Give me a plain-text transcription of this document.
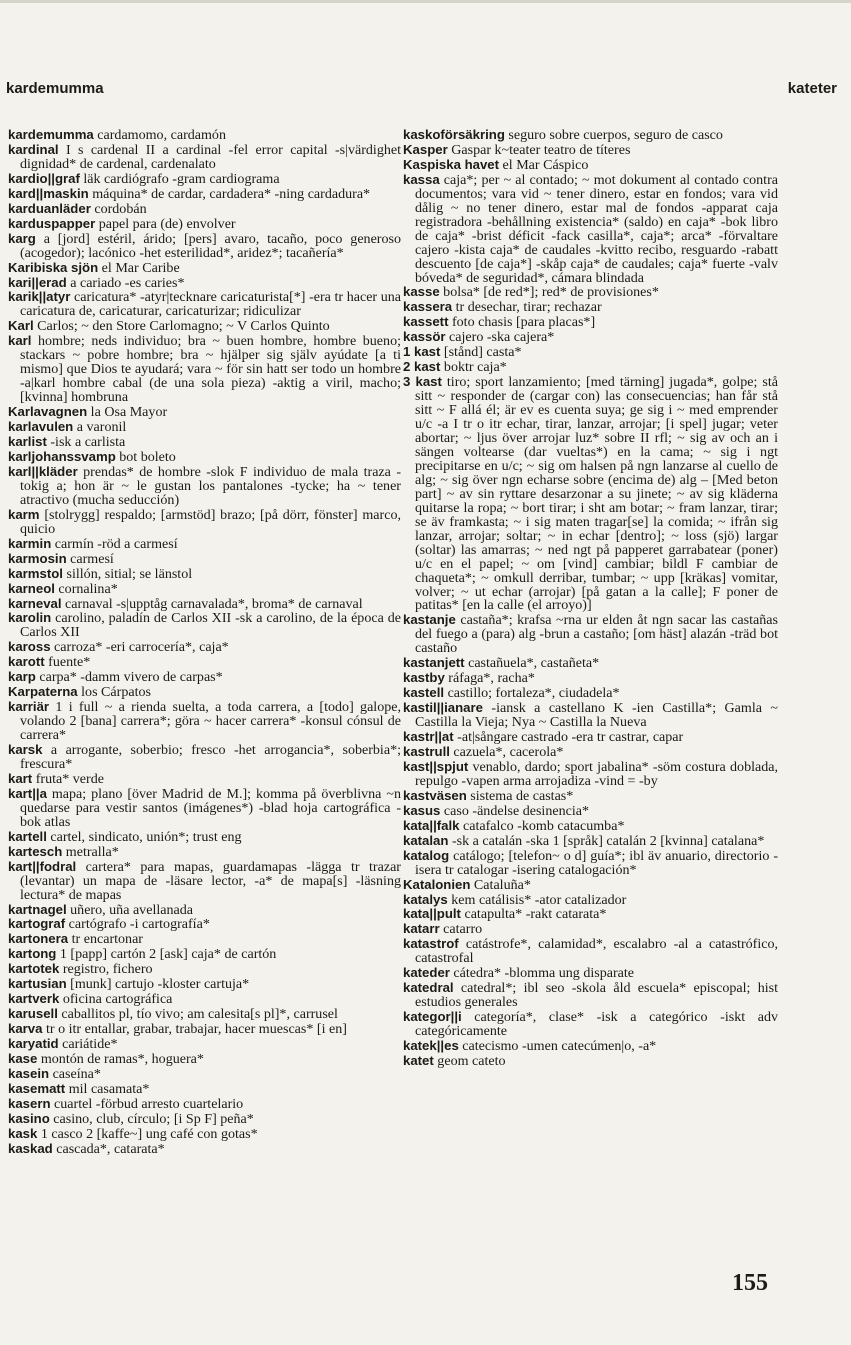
kardemumma	kateter

kardemumma cardamomo, cardamón

kardinal I s cardenal II a cardinal -fel error capital -s|värdighet dignidad* de cardenal, cardenalato

kardio||graf läk cardiógrafo -gram cardiograma

kard||maskin máquina* de cardar, cardadera* -ning cardadura*

karduanläder cordobán

karduspapper papel para (de) envolver

karg a [jord] estéril, árido; [pers] avaro, tacaño, poco generoso (acogedor); lacónico -het esterilidad*, aridez*; tacañería*

Karibiska sjön el Mar Caribe

kari||erad a cariado -es caries*

karik||atyr caricatura* -atyr|tecknare caricaturista[*] -era tr hacer una caricatura de, caricaturar, caricaturizar; ridiculizar

Karl Carlos; ~ den Store Carlomagno; ~ V Carlos Quinto

karl hombre; neds individuo; bra ~ buen hombre, hombre bueno; stackars ~ pobre hombre; bra ~ hjälper sig själv ayúdate [a ti mismo] que Dios te ayudará; vara ~ för sin hatt ser todo un hombre -a|karl hombre cabal (de una sola pieza) -aktig a viril, macho; [kvinna] hombruna

Karlavagnen la Osa Mayor

karlavulen a varonil

karlist -isk a carlista

karljohanssvamp bot boleto

karl||kläder prendas* de hombre -slok F individuo de mala traza -tokig a; hon är ~ le gustan los pantalones -tycke; ha ~ tener atractivo (mucha seducción)

karm [stolrygg] respaldo; [armstöd] brazo; [på dörr, fönster] marco, quicio

karmin carmín -röd a carmesí

karmosin carmesí

karmstol sillón, sitial; se länstol

karneol cornalina*

karneval carnaval -s|upptåg carnavalada*, broma* de carnaval

karolin carolino, paladín de Carlos XII -sk a carolino, de la época de Carlos XII

kaross carroza* -eri carrocería*, caja*

karott fuente*

karp carpa* -damm vivero de carpas*

Karpaterna los Cárpatos

karriär 1 i full ~ a rienda suelta, a toda carrera, a [todo] galope, volando 2 [bana] carrera*; göra ~ hacer carrera* -konsul cónsul de carrera*

karsk a arrogante, soberbio; fresco -het arrogancia*, soberbia*; frescura*

kart fruta* verde

kart||a mapa; plano [över Madrid de M.]; komma på överblivna ~n quedarse para vestir santos (imágenes*) -blad hoja cartográfica -bok atlas

kartell cartel, sindicato, unión*; trust eng

kartesch metralla*

kart||fodral cartera* para mapas, guardamapas -lägga tr trazar (levantar) un mapa de -läsare lector, -a* de mapa[s] -läsning lectura* de mapas

kartnagel uñero, uña avellanada

kartograf cartógrafo -i cartografía*

kartonera tr encartonar

kartong 1 [papp] cartón 2 [ask] caja* de cartón

kartotek registro, fichero

kartusian [munk] cartujo -kloster cartuja*

kartverk oficina cartográfica

karusell caballitos pl, tío vivo; am calesita[s pl]*, carrusel

karva tr o itr entallar, grabar, trabajar, hacer muescas* [i en]

karyatid cariátide*

kase montón de ramas*, hoguera*

kasein caseína*

kasematt mil casamata*

kasern cuartel -förbud arresto cuartelario

kasino casino, club, círculo; [i Sp F] peña*

kask 1 casco 2 [kaffe~] ung café con gotas*

kaskad cascada*, catarata*

kaskoförsäkring seguro sobre cuerpos, seguro de casco

Kasper Gaspar k~teater teatro de títeres

Kaspiska havet el Mar Cáspico

kassa caja*; per ~ al contado; ~ mot dokument al contado contra documentos; vara vid ~ tener dinero, estar en fondos; vara vid dålig ~ no tener dinero, estar mal de fondos -apparat caja registradora -behållning existencia* (saldo) en caja* -bok libro de caja* -brist déficit -fack casilla*, caja*; arca* -förvaltare cajero -kista caja* de caudales -kvitto recibo, resguardo -rabatt descuento [de caja*] -skåp caja* de caudales; caja* fuerte -valv bóveda* de seguridad*, cámara blindada

kasse bolsa* [de red*]; red* de provisiones*

kassera tr desechar, tirar; rechazar

kassett foto chasis [para placas*]

kassör cajero -ska cajera*

1 kast [stånd] casta*

2 kast boktr caja*

3 kast tiro; sport lanzamiento; [med tärning] jugada*, golpe; stå sitt ~ responder de (cargar con) las consecuencias; han får stå sitt ~ F allá él; är ev es cuenta suya; ge sig i ~ med emprender u/c -a I tr o itr echar, tirar, lanzar, arrojar; [i spel] jugar; veter abortar; ~ ljus över arrojar luz* sobre II rfl; ~ sig av och an i sängen voltearse (dar vueltas*) en la cama; ~ sig i ngt precipitarse en u/c; ~ sig om halsen på ngn lanzarse al cuello de alg; ~ sig över ngn echarse sobre (encima de) alg – [Med beton part] ~ av sin ryttare desarzonar a su jinete; ~ av sig kläderna quitarse la ropa; ~ bort tirar; i sht am botar; ~ fram lanzar, tirar; se äv framkasta; ~ i sig maten tragar[se] la comida; ~ ifrån sig lanzar, arrojar; soltar; ~ in echar [dentro]; ~ loss (sjö) largar (soltar) las amarras; ~ ned ngt på papperet garrabatear (poner) u/c en el papel; ~ om [vind] cambiar; bildl F cambiar de chaqueta*; ~ omkull derribar, tumbar; ~ upp [kräkas] vomitar, volver; ~ ut echar (arrojar) [på gatan a la calle]; F poner de patitas* [en la calle (el arroyo)]

kastanje castaña*; krafsa ~rna ur elden åt ngn sacar las castañas del fuego a (para) alg -brun a castaño; [om häst] alazán -träd bot castaño

kastanjett castañuela*, castañeta*

kastby ráfaga*, racha*

kastell castillo; fortaleza*, ciudadela*

kastil||ianare -iansk a castellano K -ien Castilla*; Gamla ~ Castilla la Vieja; Nya ~ Castilla la Nueva

kastr||at -at|sångare castrado -era tr castrar, capar

kastrull cazuela*, cacerola*

kast||spjut venablo, dardo; sport jabalina* -söm costura doblada, repulgo -vapen arma arrojadiza -vind = -by

kastväsen sistema de castas*

kasus caso -ändelse desinencia*

kata||falk catafalco -komb catacumba*

katalan -sk a catalán -ska 1 [språk] catalán 2 [kvinna] catalana*

katalog catálogo; [telefon~ o d] guía*; ibl äv anuario, directorio -isera tr catalogar -isering catalogación*

Katalonien Cataluña*

katalys kem catálisis* -ator catalizador

kata||pult catapulta* -rakt catarata*

katarr catarro

katastrof catástrofe*, calamidad*, escalabro -al a catastrófico, catastrofal

kateder cátedra* -blomma ung disparate

katedral catedral*; ibl seo -skola åld escuela* episcopal; hist estudios generales

kategor||i categoría*, clase* -isk a categórico -iskt adv categóricamente

katek||es catecismo -umen catecúmen|o, -a*

katet geom cateto

155
